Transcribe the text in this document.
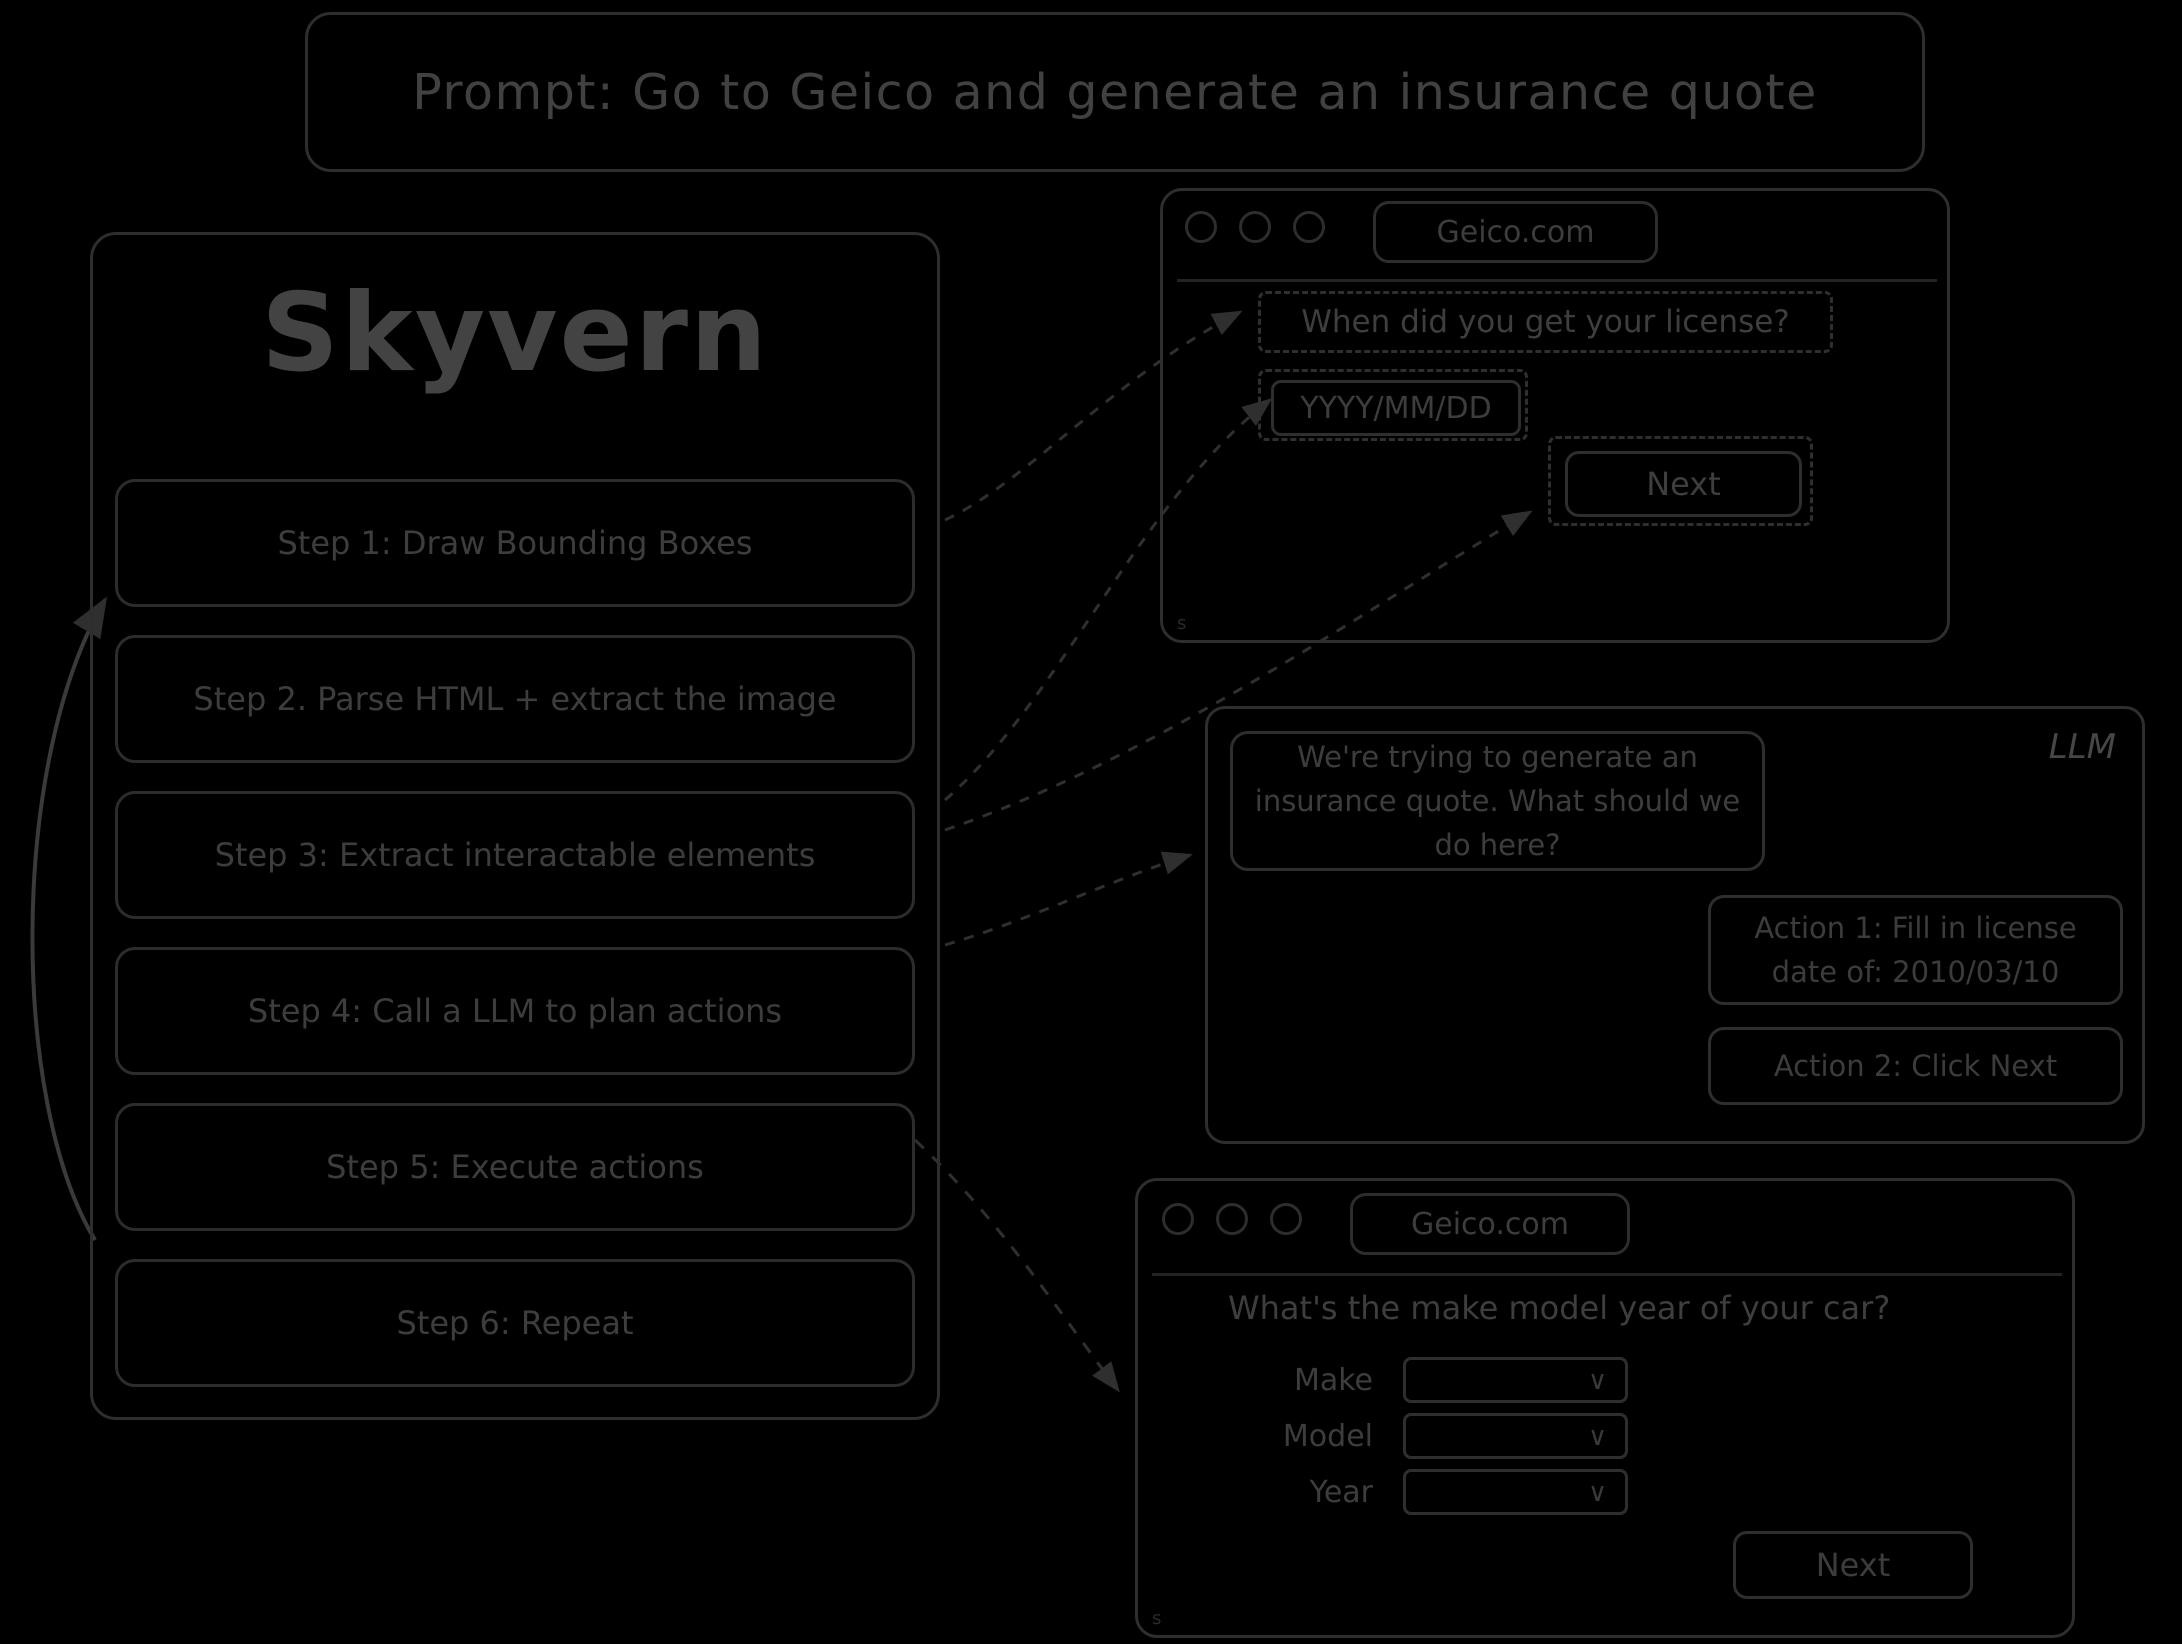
Prompt: Go to Geico and generate an insurance quote
Skyvern
Step 1: Draw Bounding Boxes
Step 2. Parse HTML + extract the image
Step 3: Extract interactable elements
Step 4: Call a LLM to plan actions
Step 5: Execute actions
Step 6: Repeat
Geico.com
When did you get your license?
YYYY/MM/DD
Next
s
LLM
We're trying to generate an insurance quote. What should we do here?
Action 1: Fill in license date of: 2010/03/10
Action 2: Click Next
Geico.com
What's the make model year of your car?
Make	∨
Model	∨
Year	∨
Next
s
